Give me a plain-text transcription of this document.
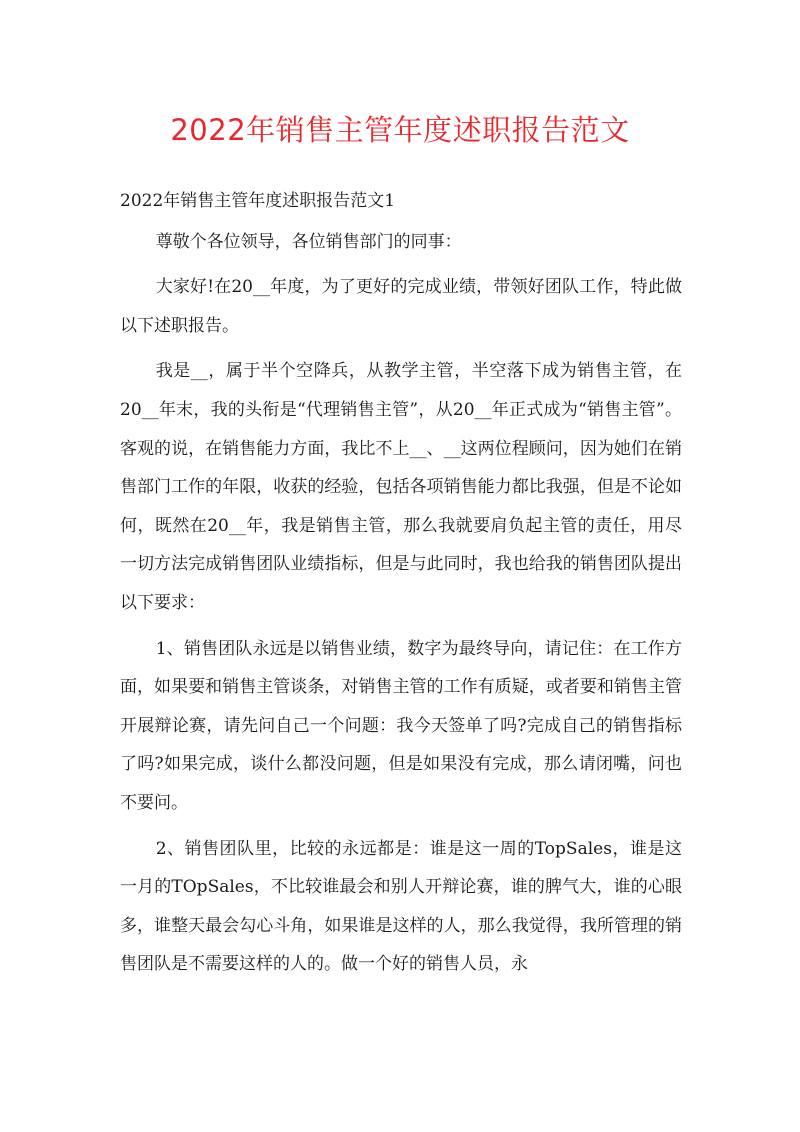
2022年销售主管年度述职报告范文

2022年销售主管年度述职报告范文1

尊敬个各位领导，各位销售部门的同事：

大家好!在20__年度，为了更好的完成业绩，带领好团队工作，特此做以下述职报告。

我是__，属于半个空降兵，从教学主管，半空落下成为销售主管，在20__年末，我的头衔是“代理销售主管”，从20__年正式成为“销售主管”。客观的说，在销售能力方面，我比不上__、__这两位程顾问，因为她们在销售部门工作的年限，收获的经验，包括各项销售能力都比我强，但是不论如何，既然在20__年，我是销售主管，那么我就要肩负起主管的责任，用尽一切方法完成销售团队业绩指标，但是与此同时，我也给我的销售团队提出以下要求：

1、销售团队永远是以销售业绩，数字为最终导向，请记住：在工作方面，如果要和销售主管谈条，对销售主管的工作有质疑，或者要和销售主管开展辩论赛，请先问自己一个问题：我今天签单了吗?完成自己的销售指标了吗?如果完成，谈什么都没问题，但是如果没有完成，那么请闭嘴，问也不要问。

2、销售团队里，比较的永远都是：谁是这一周的TopSales，谁是这一月的TOpSales，不比较谁最会和别人开辩论赛，谁的脾气大，谁的心眼多，谁整天最会勾心斗角，如果谁是这样的人，那么我觉得，我所管理的销售团队是不需要这样的人的。做一个好的销售人员，永
